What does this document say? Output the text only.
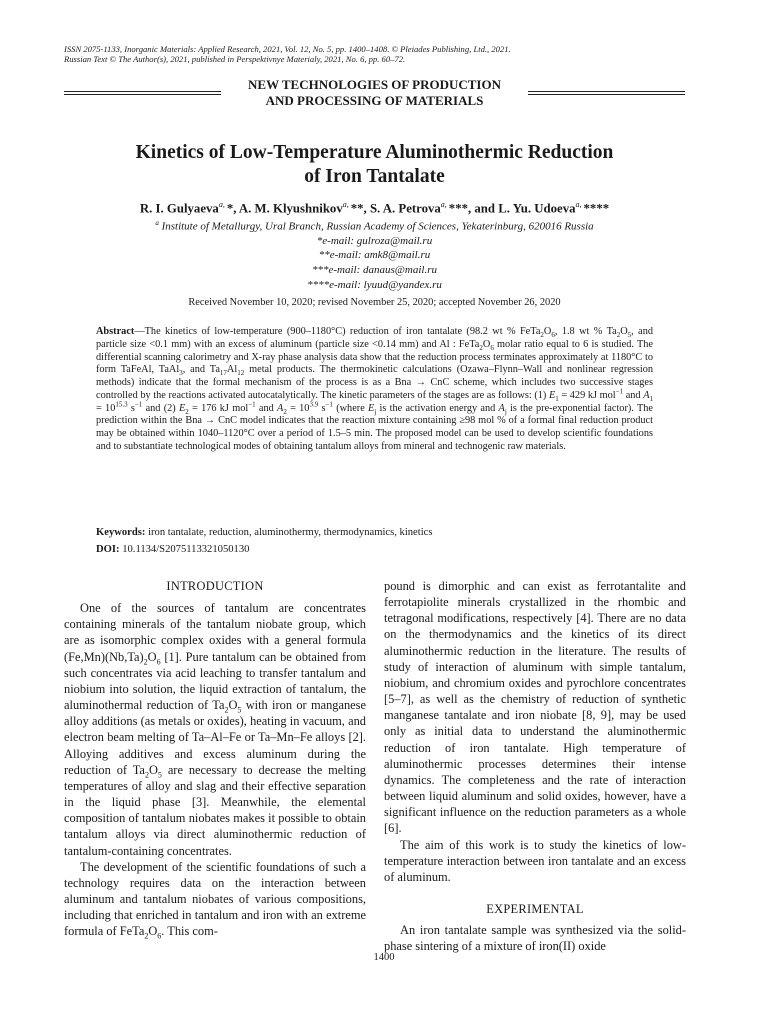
ISSN 2075-1133, Inorganic Materials: Applied Research, 2021, Vol. 12, No. 5, pp. 1400–1408. © Pleiades Publishing, Ltd., 2021.
Russian Text © The Author(s), 2021, published in Perspektivnye Materialy, 2021, No. 6, pp. 60–72.
NEW TECHNOLOGIES OF PRODUCTION
AND PROCESSING OF MATERIALS
Kinetics of Low-Temperature Aluminothermic Reduction
of Iron Tantalate
R. I. Gulyaeva$^{a,}$ *, A. M. Klyushnikov$^{a,}$ **, S. A. Petrova$^{a,}$ ***, and L. Yu. Udoeva$^{a,}$ ****
$^a$ Institute of Metallurgy, Ural Branch, Russian Academy of Sciences, Yekaterinburg, 620016 Russia
*e-mail: gulroza@mail.ru
**e-mail: amk8@mail.ru
***e-mail: danaus@mail.ru
****e-mail: lyuud@yandex.ru
Received November 10, 2020; revised November 25, 2020; accepted November 26, 2020
Abstract—The kinetics of low-temperature (900–1180°C) reduction of iron tantalate (98.2 wt % $FeTa_2O_6$, 1.8 wt % $Ta_2O_5$, and particle size <0.1 mm) with an excess of aluminum (particle size <0.14 mm) and Al : $FeTa_2O_6$ molar ratio equal to 6 is studied. The differential scanning calorimetry and X-ray phase analysis data show that the reduction process terminates approximately at 1180°C to form TaFeAl, TaAl$_3$, and $Ta_{17}Al_{12}$ metal products. The thermokinetic calculations (Ozawa–Flynn–Wall and nonlinear regression methods) indicate that the formal mechanism of the process is as a Bna → CnC scheme, which includes two successive stages controlled by the reactions activated autocatalytically. The kinetic parameters of the stages are as follows: (1) $E_1 = 429$ kJ mol$^{-1}$ and $A_1 = 10^{15.3}$ $s^{-1}$ and (2) $E_2 = 176$ kJ mol$^{-1}$ and $A_2 = 10^{3.9}$ $s^{-1}$ (where $E_j$ is the activation energy and $A_j$ is the pre-exponential factor). The prediction within the Bna → CnC model indicates that the reaction mixture containing ≥98 mol % of a formal final reduction product may be obtained within 1040–1120°C over a period of 1.5–5 min. The proposed model can be used to develop scientific foundations and to substantiate technological modes of obtaining tantalum alloys from mineral and technogenic raw materials.
Keywords: iron tantalate, reduction, aluminothermy, thermodynamics, kinetics
DOI: 10.1134/S2075113321050130
INTRODUCTION

One of the sources of tantalum are concentrates containing minerals of the tantalum niobate group, which are as isomorphic complex oxides with a general formula $(Fe,Mn)(Nb,Ta)_2O_6$ [1]. Pure tantalum can be obtained from such concentrates via acid leaching to transfer tantalum and niobium into solution, the liquid extraction of tantalum, the aluminothermal reduction of $Ta_2O_5$ with iron or manganese alloy additions (as metals or oxides), heating in vacuum, and electron beam melting of Ta–Al–Fe or Ta–Mn–Fe alloys [2]. Alloying additives and excess aluminum during the reduction of $Ta_2O_5$ are necessary to decrease the melting temperatures of alloy and slag and their effective separation in the liquid phase [3]. Meanwhile, the elemental composition of tantalum niobates makes it possible to obtain tantalum alloys via direct aluminothermic reduction of tantalum-containing concentrates.

The development of the scientific foundations of such a technology requires data on the interaction between aluminum and tantalum niobates of various compositions, including that enriched in tantalum and iron with an extreme formula of $FeTa_2O_6$. This com-

pound is dimorphic and can exist as ferrotantalite and ferrotapiolite minerals crystallized in the rhombic and tetragonal modifications, respectively [4]. There are no data on the thermodynamics and the kinetics of its direct aluminothermic reduction in the literature. The results of study of interaction of aluminum with simple tantalum, niobium, and chromium oxides and pyrochlore concentrates [5–7], as well as the chemistry of reduction of synthetic manganese tantalate and iron niobate [8, 9], may be used only as initial data to understand the aluminothermic reduction of iron tantalate. High temperature of aluminothermic processes determines their intense dynamics. The completeness and the rate of interaction between liquid aluminum and solid oxides, however, have a significant influence on the reduction parameters as a whole [6].

The aim of this work is to study the kinetics of low-temperature interaction between iron tantalate and an excess of aluminum.

EXPERIMENTAL

An iron tantalate sample was synthesized via the solid-phase sintering of a mixture of iron(II) oxide

1400
